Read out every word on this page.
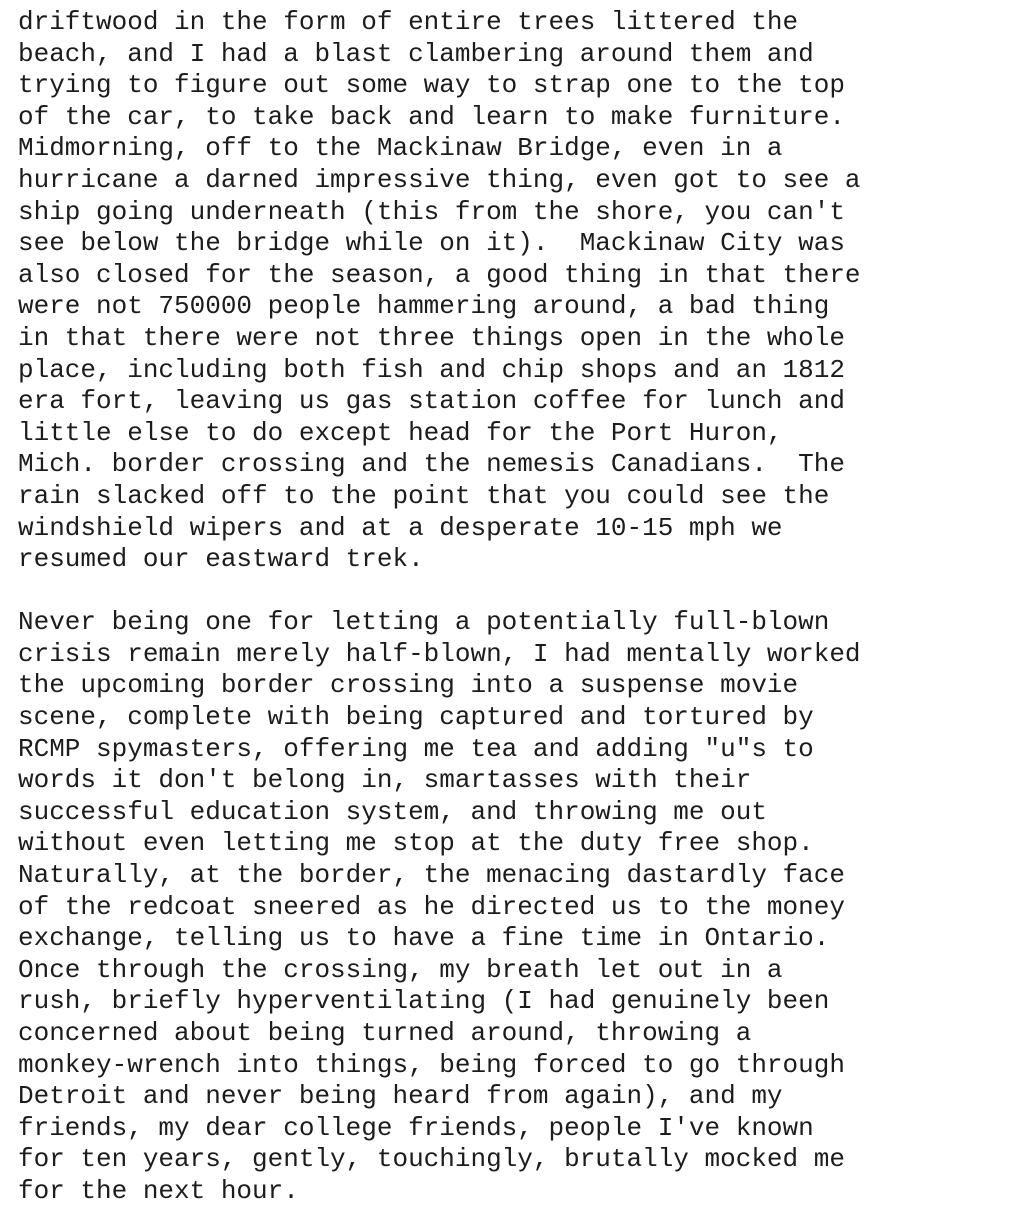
driftwood in the form of entire trees littered the
beach, and I had a blast clambering around them and
trying to figure out some way to strap one to the top
of the car, to take back and learn to make furniture.
Midmorning, off to the Mackinaw Bridge, even in a
hurricane a darned impressive thing, even got to see a
ship going underneath (this from the shore, you can't
see below the bridge while on it).  Mackinaw City was
also closed for the season, a good thing in that there
were not 750000 people hammering around, a bad thing
in that there were not three things open in the whole
place, including both fish and chip shops and an 1812
era fort, leaving us gas station coffee for lunch and
little else to do except head for the Port Huron,
Mich. border crossing and the nemesis Canadians.  The
rain slacked off to the point that you could see the
windshield wipers and at a desperate 10-15 mph we
resumed our eastward trek.
Never being one for letting a potentially full-blown
crisis remain merely half-blown, I had mentally worked
the upcoming border crossing into a suspense movie
scene, complete with being captured and tortured by
RCMP spymasters, offering me tea and adding "u"s to
words it don't belong in, smartasses with their
successful education system, and throwing me out
without even letting me stop at the duty free shop.
Naturally, at the border, the menacing dastardly face
of the redcoat sneered as he directed us to the money
exchange, telling us to have a fine time in Ontario.
Once through the crossing, my breath let out in a
rush, briefly hyperventilating (I had genuinely been
concerned about being turned around, throwing a
monkey-wrench into things, being forced to go through
Detroit and never being heard from again), and my
friends, my dear college friends, people I've known
for ten years, gently, touchingly, brutally mocked me
for the next hour.
